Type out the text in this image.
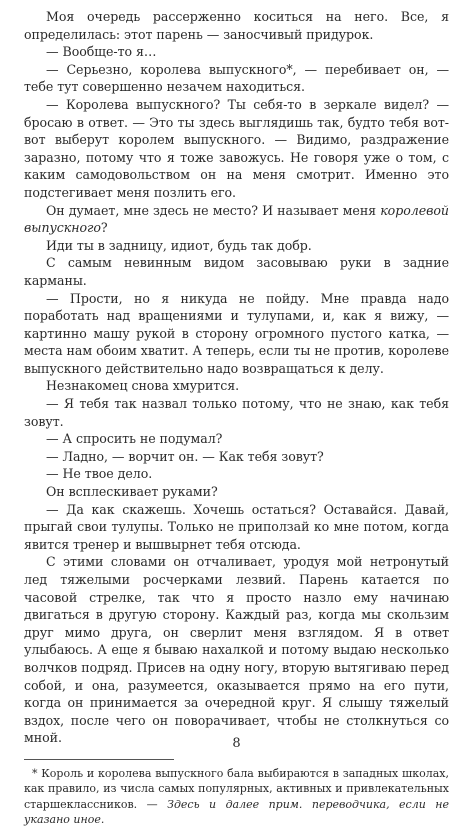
Моя очередь рассерженно коситься на него. Все, я определилась: этот парень — заносчивый придурок.

— Вообще-то я…

— Серьезно, королева выпускного*, — перебивает он, — тебе тут совершенно незачем находиться.

— Королева выпускного? Ты себя-то в зеркале видел? — бросаю в ответ. — Это ты здесь выглядишь так, будто тебя вот-вот выберут королем выпускного. — Видимо, раздражение заразно, потому что я тоже завожусь. Не говоря уже о том, с каким самодовольством он на меня смотрит. Именно это подстегивает меня позлить его.

Он думает, мне здесь не место? И называет меня королевой выпускного?

Иди ты в задницу, идиот, будь так добр.

С самым невинным видом засовываю руки в задние карманы.

— Прости, но я никуда не пойду. Мне правда надо поработать над вращениями и тулупами, и, как я вижу, — картинно машу рукой в сторону огромного пустого катка, — места нам обоим хватит. А теперь, если ты не против, королеве выпускного действительно надо возвращаться к делу.

Незнакомец снова хмурится.

— Я тебя так назвал только потому, что не знаю, как тебя зовут.

— А спросить не подумал?

— Ладно, — ворчит он. — Как тебя зовут?

— Не твое дело.

Он всплескивает руками?

— Да как скажешь. Хочешь остаться? Оставайся. Давай, прыгай свои тулупы. Только не приползай ко мне потом, когда явится тренер и вышвырнет тебя отсюда.

С этими словами он отчаливает, уродуя мой нетронутый лед тяжелыми росчерками лезвий. Парень катается по часовой стрелке, так что я просто назло ему начинаю двигаться в другую сторону. Каждый раз, когда мы скользим друг мимо друга, он сверлит меня взглядом. Я в ответ улыбаюсь. А еще я бываю нахалкой и потому выдаю несколько волчков подряд. Присев на одну ногу, вторую вытягиваю перед собой, и она, разумеется, оказывается прямо на его пути, когда он принимается за очередной круг. Я слышу тяжелый вздох, после чего он поворачивает, чтобы не столкнуться со мной.

* Король и королева выпускного бала выбираются в западных школах, как правило, из числа самых популярных, активных и привлекательных старшеклассников. — Здесь и далее прим. переводчика, если не указано иное.

8
